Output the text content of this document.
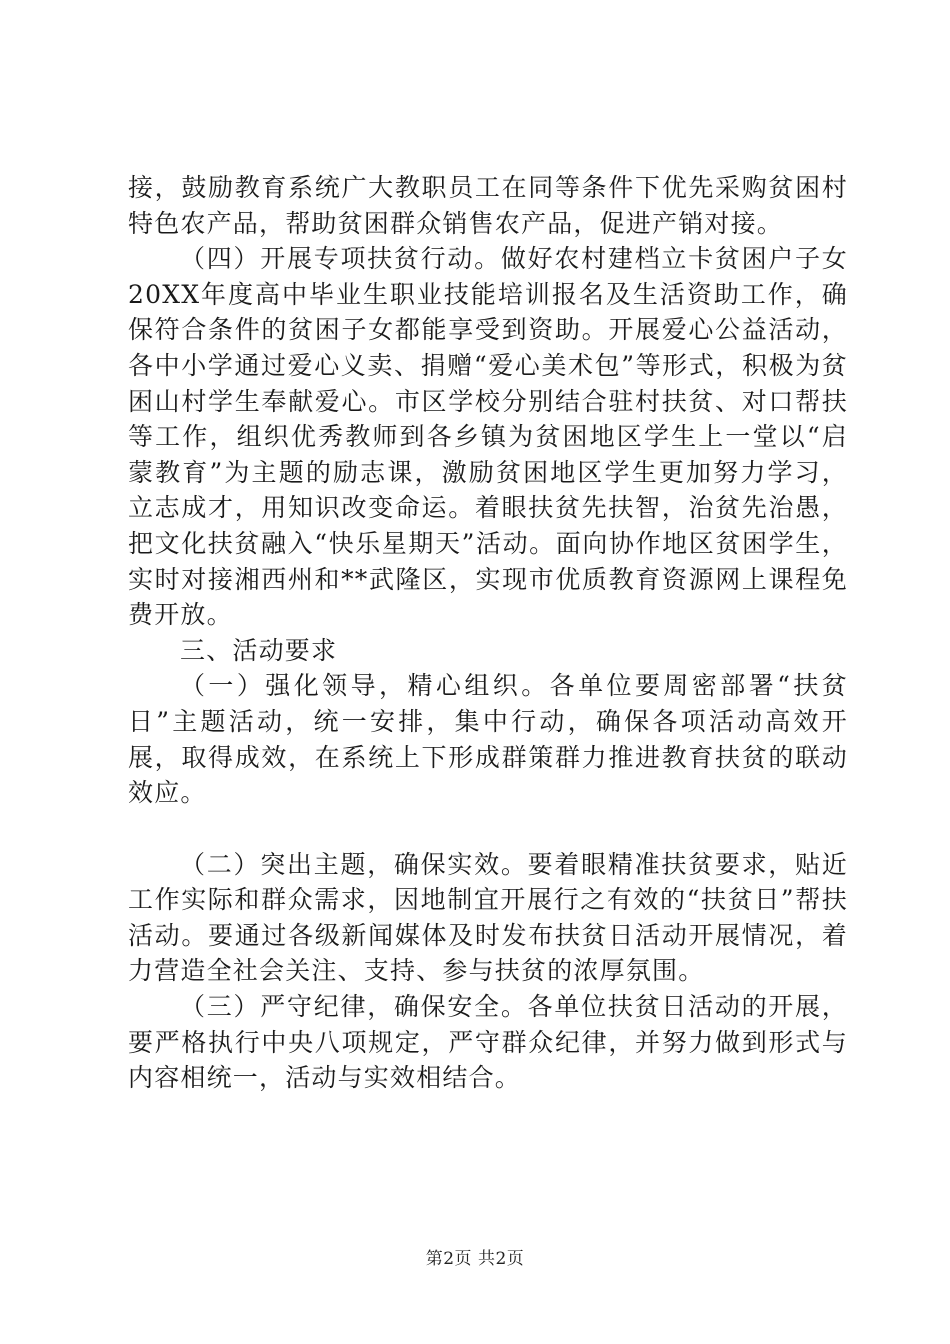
接，鼓励教育系统广大教职员工在同等条件下优先采购贫困村特色农产品，帮助贫困群众销售农产品，促进产销对接。

（四）开展专项扶贫行动。做好农村建档立卡贫困户子女20XX年度高中毕业生职业技能培训报名及生活资助工作，确保符合条件的贫困子女都能享受到资助。开展爱心公益活动，各中小学通过爱心义卖、捐赠“爱心美术包”等形式，积极为贫困山村学生奉献爱心。市区学校分别结合驻村扶贫、对口帮扶等工作，组织优秀教师到各乡镇为贫困地区学生上一堂以“启蒙教育”为主题的励志课，激励贫困地区学生更加努力学习，立志成才，用知识改变命运。着眼扶贫先扶智，治贫先治愚，把文化扶贫融入“快乐星期天”活动。面向协作地区贫困学生，实时对接湘西州和**武隆区，实现市优质教育资源网上课程免费开放。

三、活动要求

（一）强化领导，精心组织。各单位要周密部署“扶贫日”主题活动，统一安排，集中行动，确保各项活动高效开展，取得成效，在系统上下形成群策群力推进教育扶贫的联动效应。

（二）突出主题，确保实效。要着眼精准扶贫要求，贴近工作实际和群众需求，因地制宜开展行之有效的“扶贫日”帮扶活动。要通过各级新闻媒体及时发布扶贫日活动开展情况，着力营造全社会关注、支持、参与扶贫的浓厚氛围。

（三）严守纪律，确保安全。各单位扶贫日活动的开展，要严格执行中央八项规定，严守群众纪律，并努力做到形式与内容相统一，活动与实效相结合。

第2页 共2页
